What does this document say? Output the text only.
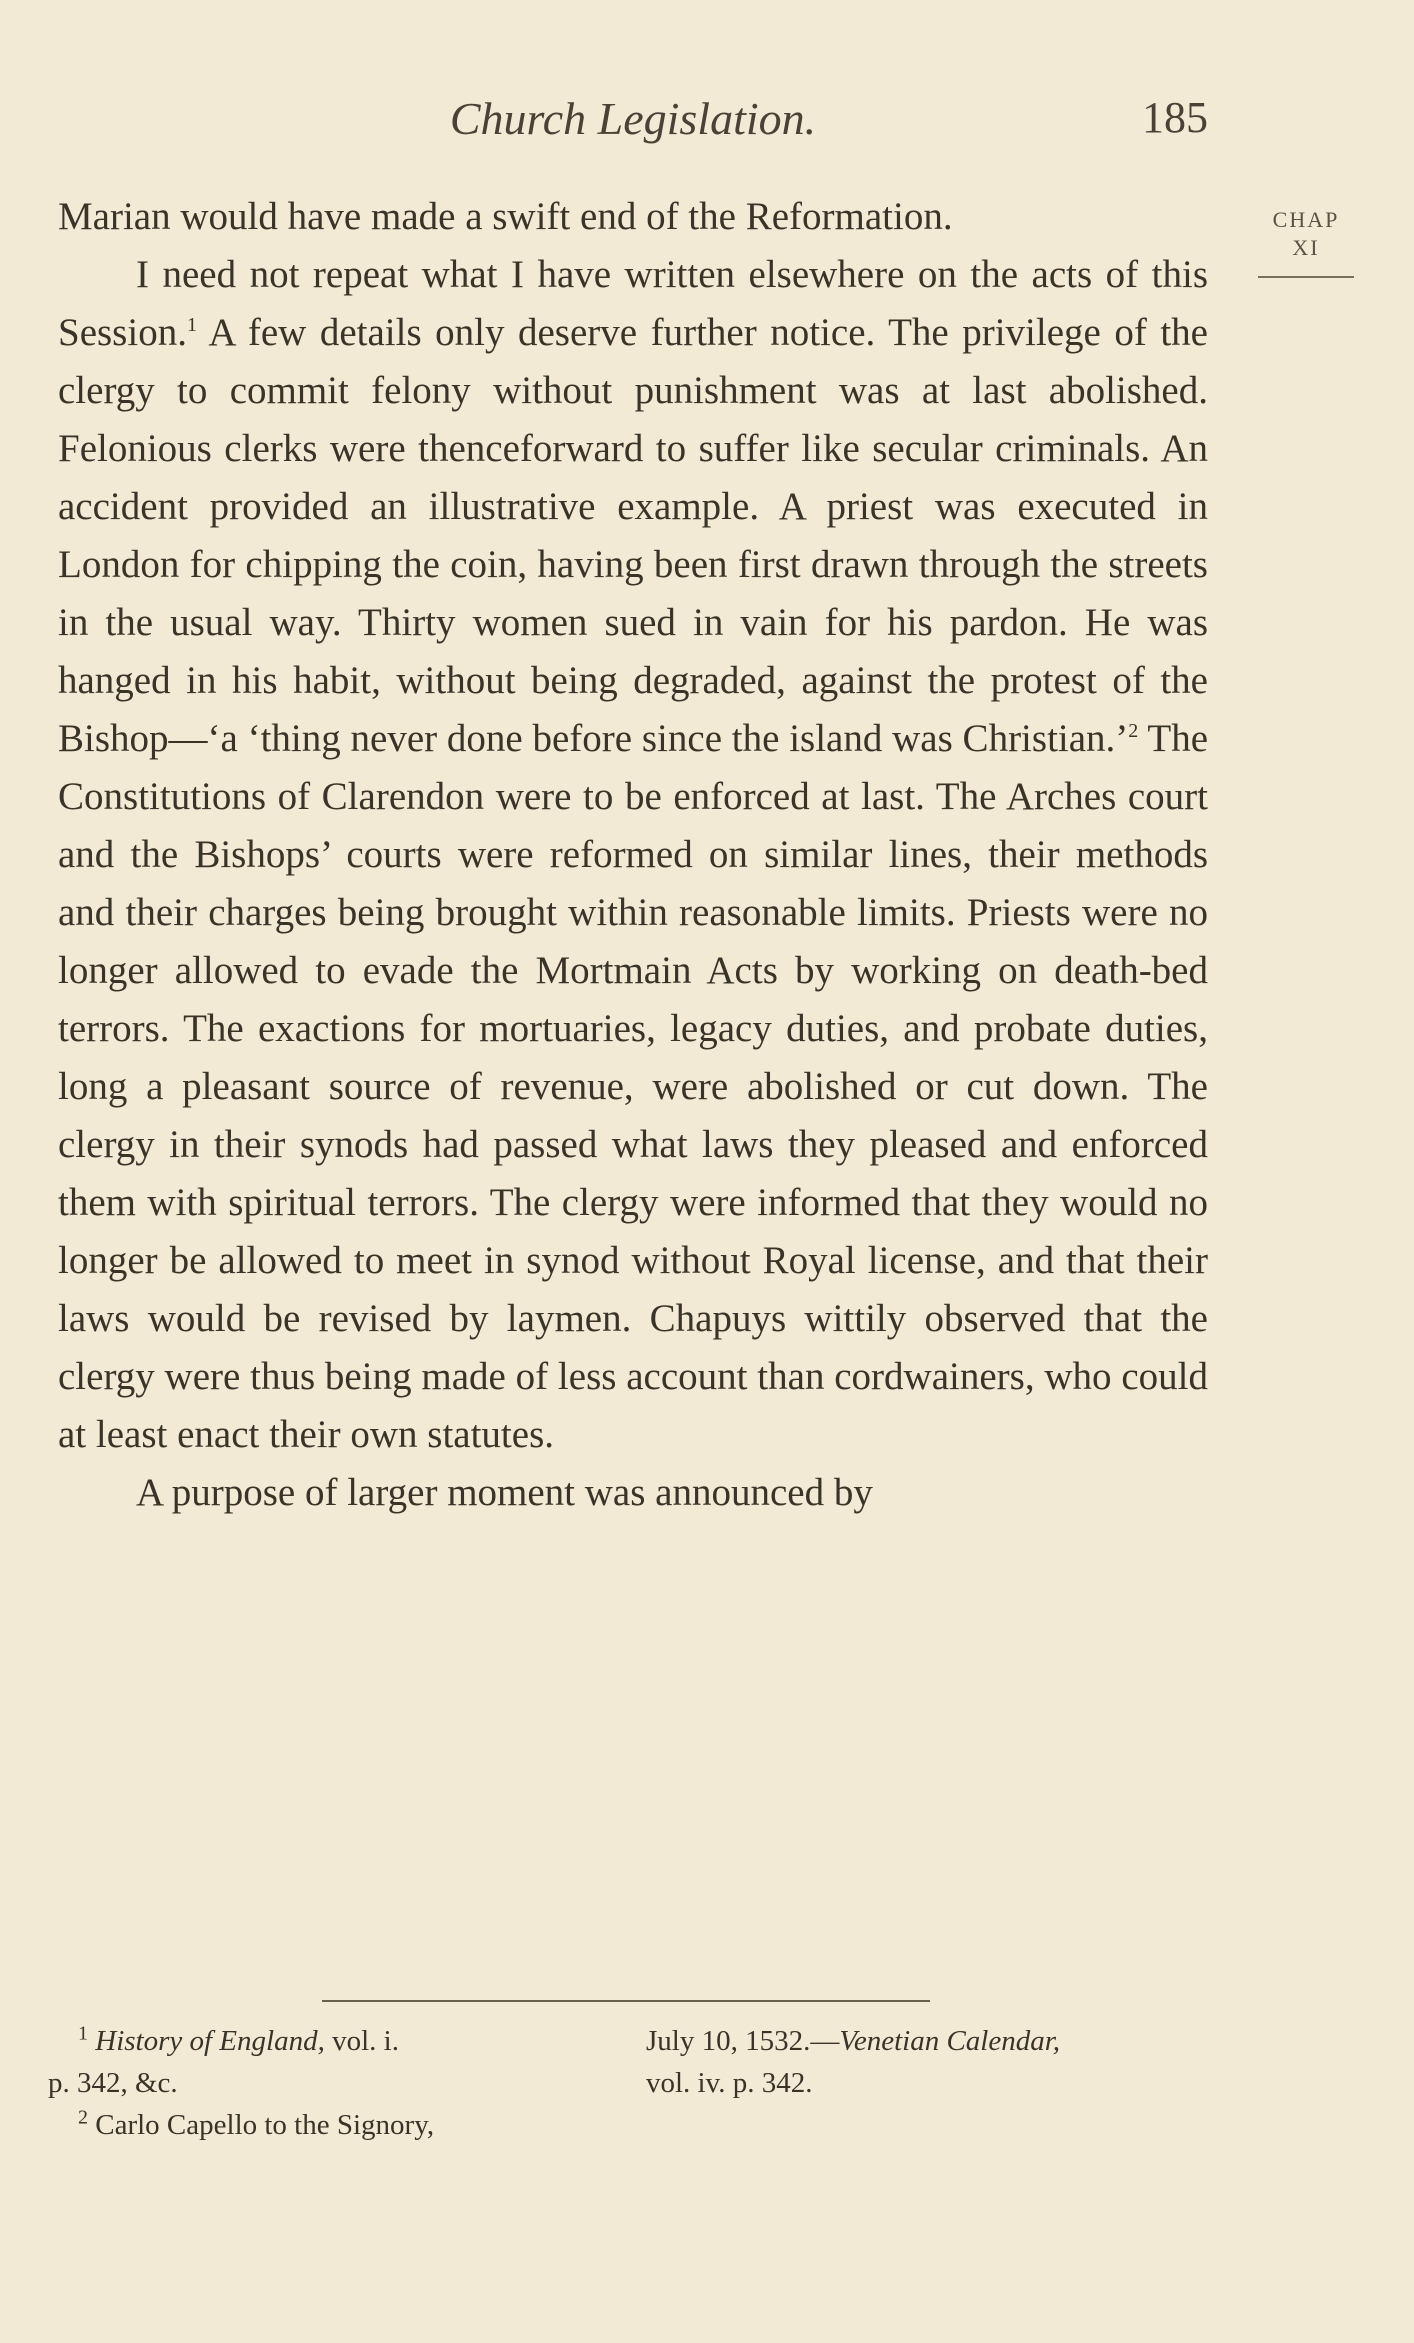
Church Legislation.	185
CHAP
XI

Marian would have made a swift end of the Reformation.

I need not repeat what I have written elsewhere on the acts of this Session.$^1$ A few details only deserve further notice. The privilege of the clergy to commit felony without punishment was at last abolished. Felonious clerks were thenceforward to suffer like secular criminals. An accident provided an illustrative example. A priest was executed in London for chipping the coin, having been first drawn through the streets in the usual way. Thirty women sued in vain for his pardon. He was hanged in his habit, without being degraded, against the protest of the Bishop—‘a ‘thing never done before since the island was Christian.’$^2$ The Constitutions of Clarendon were to be enforced at last. The Arches court and the Bishops’ courts were reformed on similar lines, their methods and their charges being brought within reasonable limits. Priests were no longer allowed to evade the Mortmain Acts by working on death-bed terrors. The exactions for mortuaries, legacy duties, and probate duties, long a pleasant source of revenue, were abolished or cut down. The clergy in their synods had passed what laws they pleased and enforced them with spiritual terrors. The clergy were informed that they would no longer be allowed to meet in synod without Royal license, and that their laws would be revised by laymen. Chapuys wittily observed that the clergy were thus being made of less account than cordwainers, who could at least enact their own statutes.

A purpose of larger moment was announced by

$^1$ History of England, vol. i.
p. 342, &c.
$^2$ Carlo Capello to the Signory,
July 10, 1532.—Venetian Calendar,
vol. iv. p. 342.
